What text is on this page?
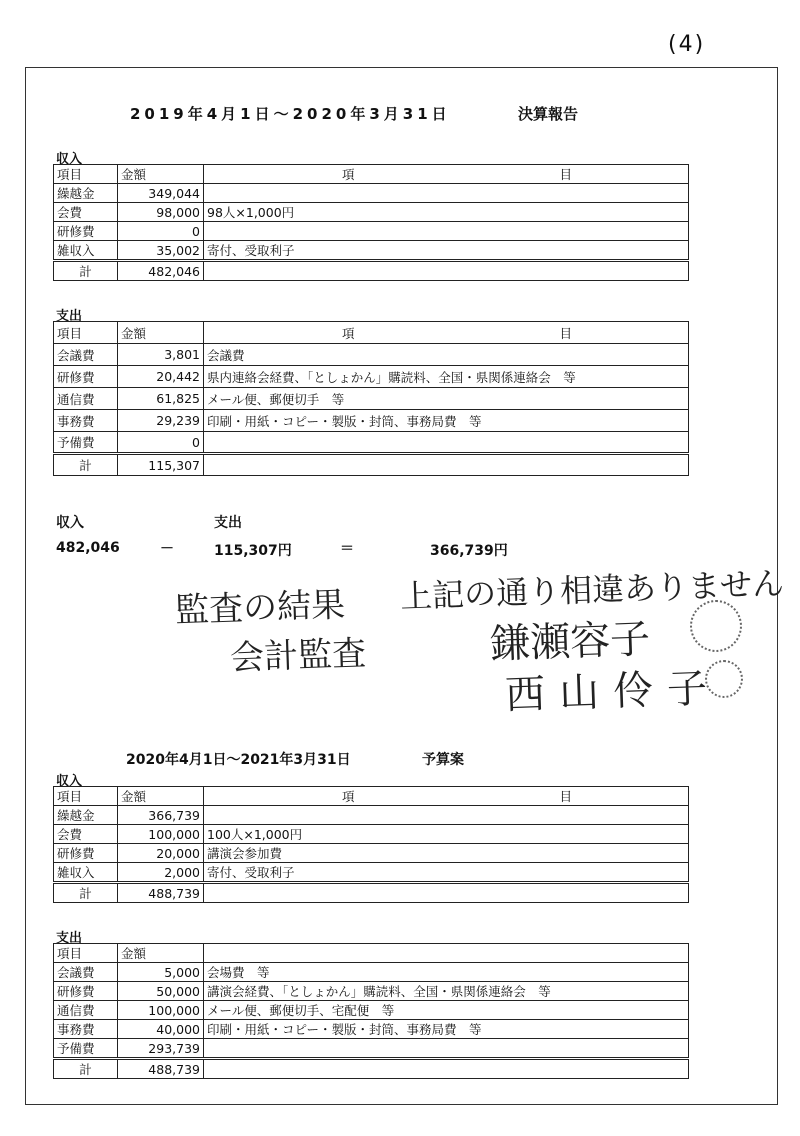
(4)
2019年4月1日～2020年3月31日	決算報告
収入
項目	金額	項 目
繰越金	349,044	
会費	98,000	98人×1,000円
研修費	0	
雑収入	35,002	寄付、受取利子
計	482,046	
支出
項目	金額	項 目
会議費	3,801	会議費
研修費	20,442	県内連絡会経費、「としょかん」購読料、全国・県関係連絡会　等
通信費	61,825	メール便、郵便切手　等
事務費	29,239	印刷・用紙・コピー・製版・封筒、事務局費　等
予備費	0	
計	115,307	
収入	支出
482,046	－	115,307円	＝	366,739円
監査の結果 上記の通り相違ありません
会計監査	鎌瀬容子
西山伶子
2020年4月1日～2021年3月31日	予算案
収入
項目	金額	項 目
繰越金	366,739	
会費	100,000	100人×1,000円
研修費	20,000	講演会参加費
雑収入	2,000	寄付、受取利子
計	488,739	
支出
項目	金額	
会議費	5,000	会場費　等
研修費	50,000	講演会経費、「としょかん」購読料、全国・県関係連絡会　等
通信費	100,000	メール便、郵便切手、宅配便　等
事務費	40,000	印刷・用紙・コピー・製版・封筒、事務局費　等
予備費	293,739	
計	488,739	
